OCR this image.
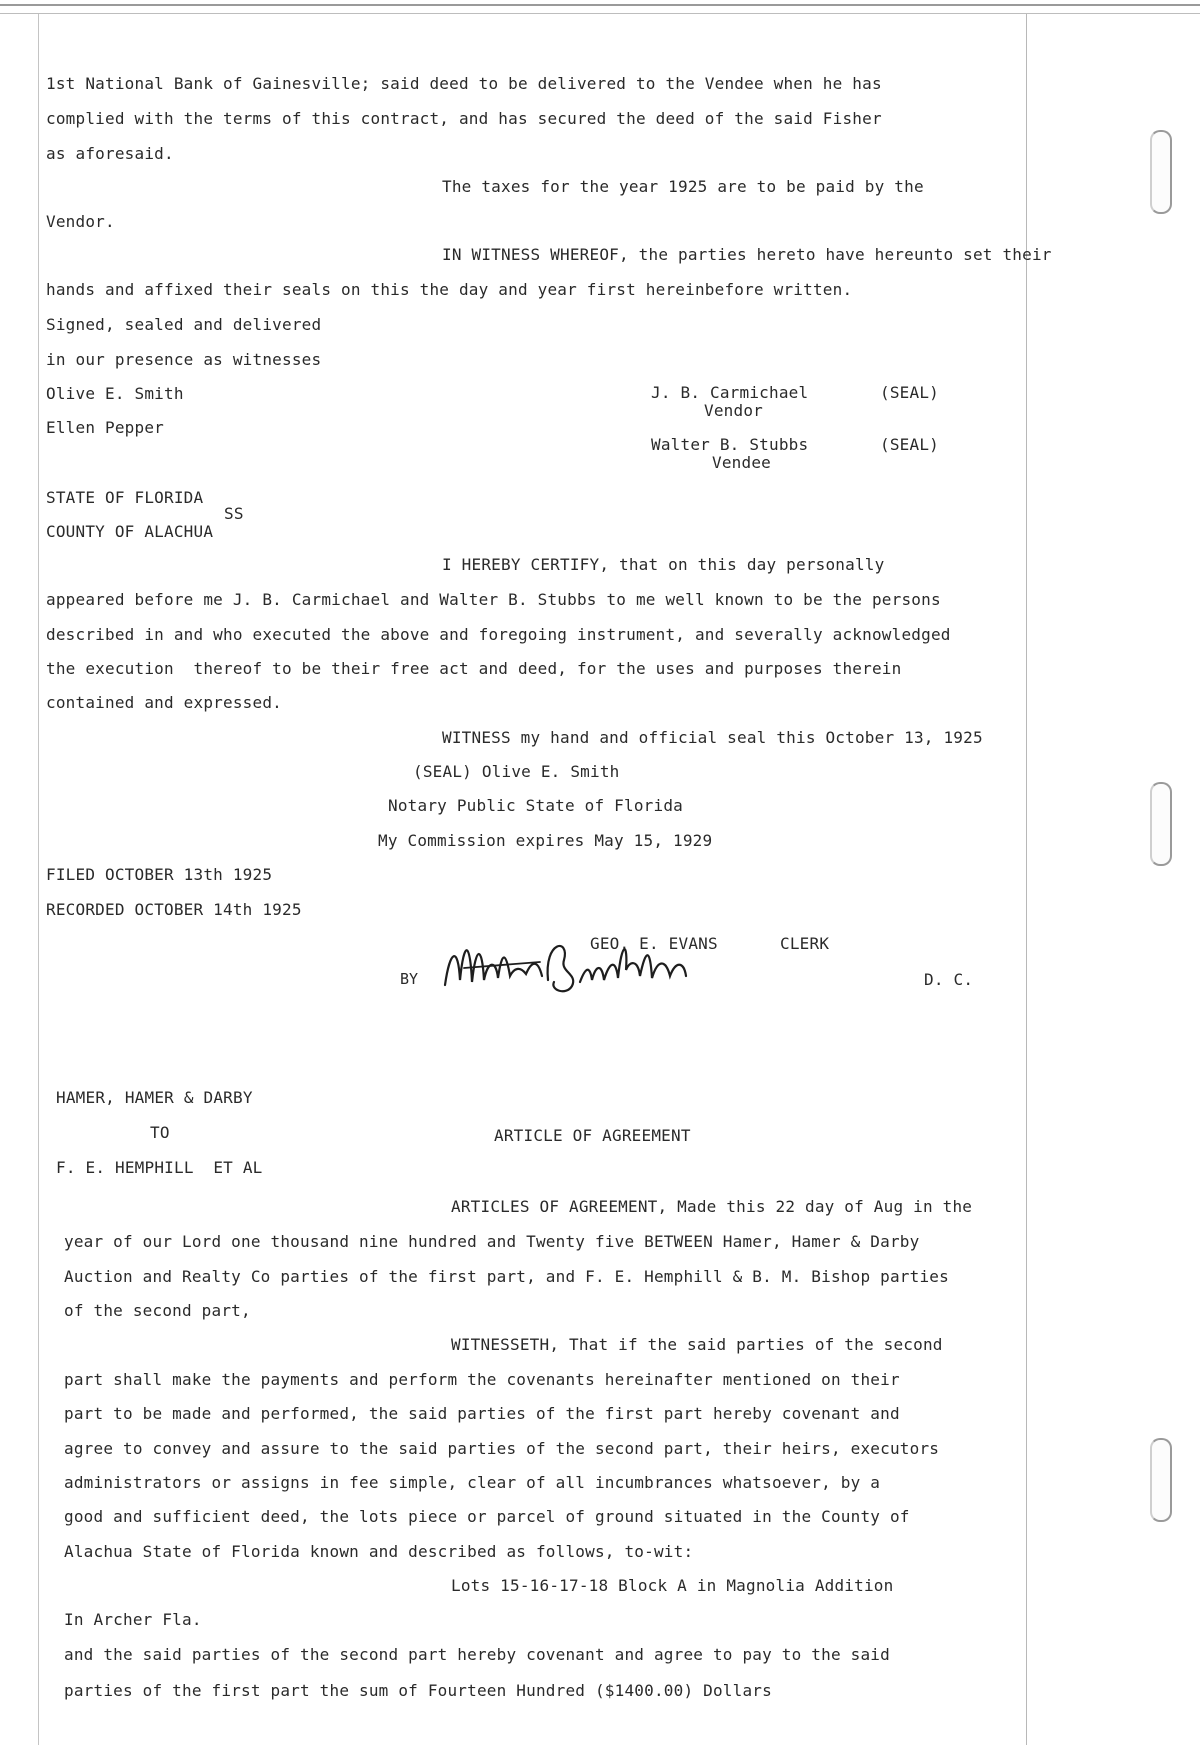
1st National Bank of Gainesville; said deed to be delivered to the Vendee when he has
complied with the terms of this contract, and has secured the deed of the said Fisher
as aforesaid.
The taxes for the year 1925 are to be paid by the
Vendor.
IN WITNESS WHEREOF, the parties hereto have hereunto set their
hands and affixed their seals on this the day and year first hereinbefore written.
Signed, sealed and delivered
in our presence as witnesses
Olive E. Smith
Ellen Pepper
J. B. Carmichael	(SEAL)
Vendor
Walter B. Stubbs	(SEAL)
Vendee
STATE OF FLORIDA
SS
COUNTY OF ALACHUA
I HEREBY CERTIFY, that on this day personally
appeared before me J. B. Carmichael and Walter B. Stubbs to me well known to be the persons
described in and who executed the above and foregoing instrument, and severally acknowledged
the execution  thereof to be their free act and deed, for the uses and purposes therein
contained and expressed.
WITNESS my hand and official seal this October 13, 1925
(SEAL) Olive E. Smith
Notary Public State of Florida
My Commission expires May 15, 1929
FILED OCTOBER 13th 1925
RECORDED OCTOBER 14th 1925
GEO. E. EVANS	CLERK
BY	D. C.
HAMER, HAMER & DARBY
TO	ARTICLE OF AGREEMENT
F. E. HEMPHILL  ET AL
ARTICLES OF AGREEMENT, Made this 22 day of Aug in the
year of our Lord one thousand nine hundred and Twenty five BETWEEN Hamer, Hamer & Darby
Auction and Realty Co parties of the first part, and F. E. Hemphill & B. M. Bishop parties
of the second part,
WITNESSETH, That if the said parties of the second
part shall make the payments and perform the covenants hereinafter mentioned on their
part to be made and performed, the said parties of the first part hereby covenant and
agree to convey and assure to the said parties of the second part, their heirs, executors
administrators or assigns in fee simple, clear of all incumbrances whatsoever, by a
good and sufficient deed, the lots piece or parcel of ground situated in the County of
Alachua State of Florida known and described as follows, to-wit:
Lots 15-16-17-18 Block A in Magnolia Addition
In Archer Fla.
and the said parties of the second part hereby covenant and agree to pay to the said
parties of the first part the sum of Fourteen Hundred ($1400.00) Dollars
